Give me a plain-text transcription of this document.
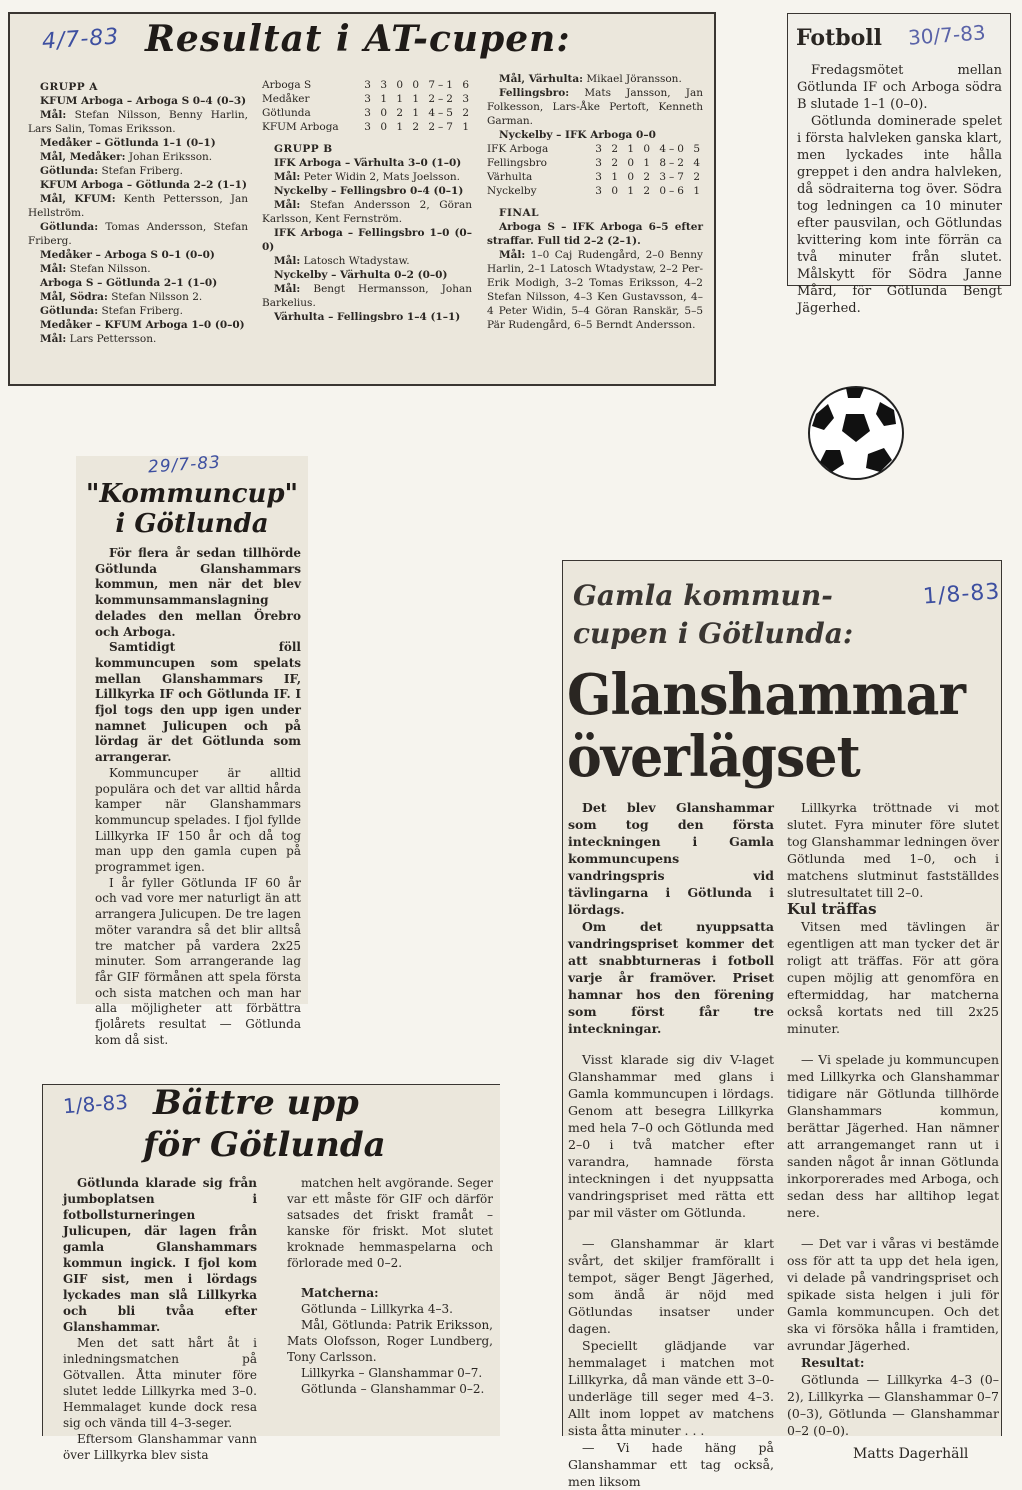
4/7-83 Resultat i AT-cupen:

GRUPP A

KFUM Arboga – Arboga S 0–4 (0–3)

Mål: Stefan Nilsson, Benny Harlin, Lars Salin, Tomas Eriksson.

Medåker – Götlunda 1–1 (0–1)

Mål, Medåker: Johan Eriksson.

Götlunda: Stefan Friberg.

KFUM Arboga – Götlunda 2–2 (1–1)

Mål, KFUM: Kenth Pettersson, Jan Hellström.

Götlunda: Tomas Andersson, Stefan Friberg.

Medåker – Arboga S 0–1 (0–0)

Mål: Stefan Nilsson.

Arboga S – Götlunda 2–1 (1–0)

Mål, Södra: Stefan Nilsson 2.

Götlunda: Stefan Friberg.

Medåker – KFUM Arboga 1–0 (0–0)

Mål: Lars Pettersson.

Arboga S	3 3 0 0 7–1 6

Medåker	3 1 1 1 2–2 3

Götlunda	3 0 2 1 4–5 2

KFUM Arboga 3 0 1 2 2–7 1

GRUPP B

IFK Arboga – Värhulta 3–0 (1–0)

Mål: Peter Widin 2, Mats Joelsson.

Nyckelby – Fellingsbro 0–4 (0–1)

Mål: Stefan Andersson 2, Göran Karlsson, Kent Fernström.

IFK Arboga – Fellingsbro 1–0 (0–0)

Mål: Latosch Wtadystaw.

Nyckelby – Värhulta 0–2 (0–0)

Mål: Bengt Hermansson, Johan Barkelius.

Värhulta – Fellingsbro 1–4 (1–1)

Mål, Värhulta: Mikael Jöransson.

Fellingsbro: Mats Jansson, Jan Folkesson, Lars-Åke Pertoft, Kenneth Garman.

Nyckelby – IFK Arboga 0–0

IFK Arboga	3 2 1 0 4–0 5

Fellingsbro	3 2 0 1 8–2 4

Värhulta	3 1 0 2 3–7 2

Nyckelby	3 0 1 2 0–6 1

FINAL

Arboga S – IFK Arboga 6–5 efter straffar. Full tid 2–2 (2–1).

Mål: 1–0 Caj Rudengård, 2–0 Benny Harlin, 2–1 Latosch Wtadystaw, 2–2 Per-Erik Modigh, 3–2 Tomas Eriksson, 4–2 Stefan Nilsson, 4–3 Ken Gustavsson, 4–4 Peter Widin, 5–4 Göran Ranskär, 5–5 Pär Rudengård, 6–5 Berndt Andersson.

Fotboll 30/7-83

Fredagsmötet mellan Götlunda IF och Arboga södra B slutade 1–1 (0–0).

Götlunda dominerade spelet i första halvleken ganska klart, men lyckades inte hålla greppet i den andra halvleken, då södraiterna tog över. Södra tog ledningen ca 10 minuter efter pausvilan, och Götlundas kvittering kom inte förrän ca två minuter från slutet. Målskytt för Södra Janne Mård, för Götlunda Bengt Jägerhed.

29/7-83
"Kommuncup"
i Götlunda

För flera år sedan tillhörde Götlunda Glanshammars kommun, men när det blev kommunsammanslagning delades den mellan Örebro och Arboga.

Samtidigt föll kommuncupen som spelats mellan Glanshammars IF, Lillkyrka IF och Götlunda IF. I fjol togs den upp igen under namnet Julicupen och på lördag är det Götlunda som arrangerar.

Kommuncuper är alltid populära och det var alltid hårda kamper när Glanshammars kommuncup spelades. I fjol fyllde Lillkyrka IF 150 år och då tog man upp den gamla cupen på programmet igen.

I år fyller Götlunda IF 60 år och vad vore mer naturligt än att arrangera Julicupen. De tre lagen möter varandra så det blir alltså tre matcher på vardera 2x25 minuter. Som arrangerande lag får GIF förmånen att spela första och sista matchen och man har alla möjligheter att förbättra fjolårets resultat — Götlunda kom då sist.

Gamla kommun-	1/8-83
cupen i Götlunda:
Glanshammar
överlägset

Det blev Glanshammar som tog den första inteckningen i Gamla kommuncupens vandringspris vid tävlingarna i Götlunda i lördags.

Om det nyuppsatta vandringspriset kommer det att snabbturneras i fotboll varje år framöver. Priset hamnar hos den förening som först får tre inteckningar.

Visst klarade sig div V-laget Glanshammar med glans i Gamla kommuncupen i lördags. Genom att besegra Lillkyrka med hela 7–0 och Götlunda med 2–0 i två matcher efter varandra, hamnade första inteckningen i det nyuppsatta vandringspriset med rätta ett par mil väster om Götlunda.

— Glanshammar är klart svårt, det skiljer framförallt i tempot, säger Bengt Jägerhed, som ändå är nöjd med Götlundas insatser under dagen.

Speciellt glädjande var hemmalaget i matchen mot Lillkyrka, då man vände ett 3–0-underläge till seger med 4–3. Allt inom loppet av matchens sista åtta minuter . . .

— Vi hade häng på Glanshammar ett tag också, men liksom

Lillkyrka tröttnade vi mot slutet. Fyra minuter före slutet tog Glanshammar ledningen över Götlunda med 1–0, och i matchens slutminut fastställdes slutresultatet till 2–0.

Kul träffas

Vitsen med tävlingen är egentligen att man tycker det är roligt att träffas. För att göra cupen möjlig att genomföra en eftermiddag, har matcherna också kortats ned till 2x25 minuter.

— Vi spelade ju kommuncupen med Lillkyrka och Glanshammar tidigare när Götlunda tillhörde Glanshammars kommun, berättar Jägerhed. Han nämner att arrangemanget rann ut i sanden något år innan Götlunda inkorporerades med Arboga, och sedan dess har alltihop legat nere.

— Det var i våras vi bestämde oss för att ta upp det hela igen, vi delade på vandringspriset och spikade sista helgen i juli för Gamla kommuncupen. Och det ska vi försöka hålla i framtiden, avrundar Jägerhed.

Resultat:

Götlunda — Lillkyrka 4–3 (0–2), Lillkyrka — Glanshammar 0–7 (0–3), Götlunda — Glanshammar 0–2 (0–0).

Matts Dagerhäll
1/8-83 Bättre upp
för Götlunda

Götlunda klarade sig från jumboplatsen i fotbollsturneringen Julicupen, där lagen från gamla Glanshammars kommun ingick. I fjol kom GIF sist, men i lördags lyckades man slå Lillkyrka och bli tvåa efter Glanshammar.

Men det satt hårt åt i inledningsmatchen på Götvallen. Åtta minuter före slutet ledde Lillkyrka med 3–0. Hemmalaget kunde dock resa sig och vända till 4–3-seger.

Eftersom Glanshammar vann över Lillkyrka blev sista

matchen helt avgörande. Seger var ett måste för GIF och därför satsades det friskt framåt – kanske för friskt. Mot slutet kroknade hemmaspelarna och förlorade med 0–2.

Matcherna:

Götlunda – Lillkyrka 4–3.

Mål, Götlunda: Patrik Eriksson, Mats Olofsson, Roger Lundberg, Tony Carlsson.

Lillkyrka – Glanshammar 0–7.

Götlunda – Glanshammar 0–2.
